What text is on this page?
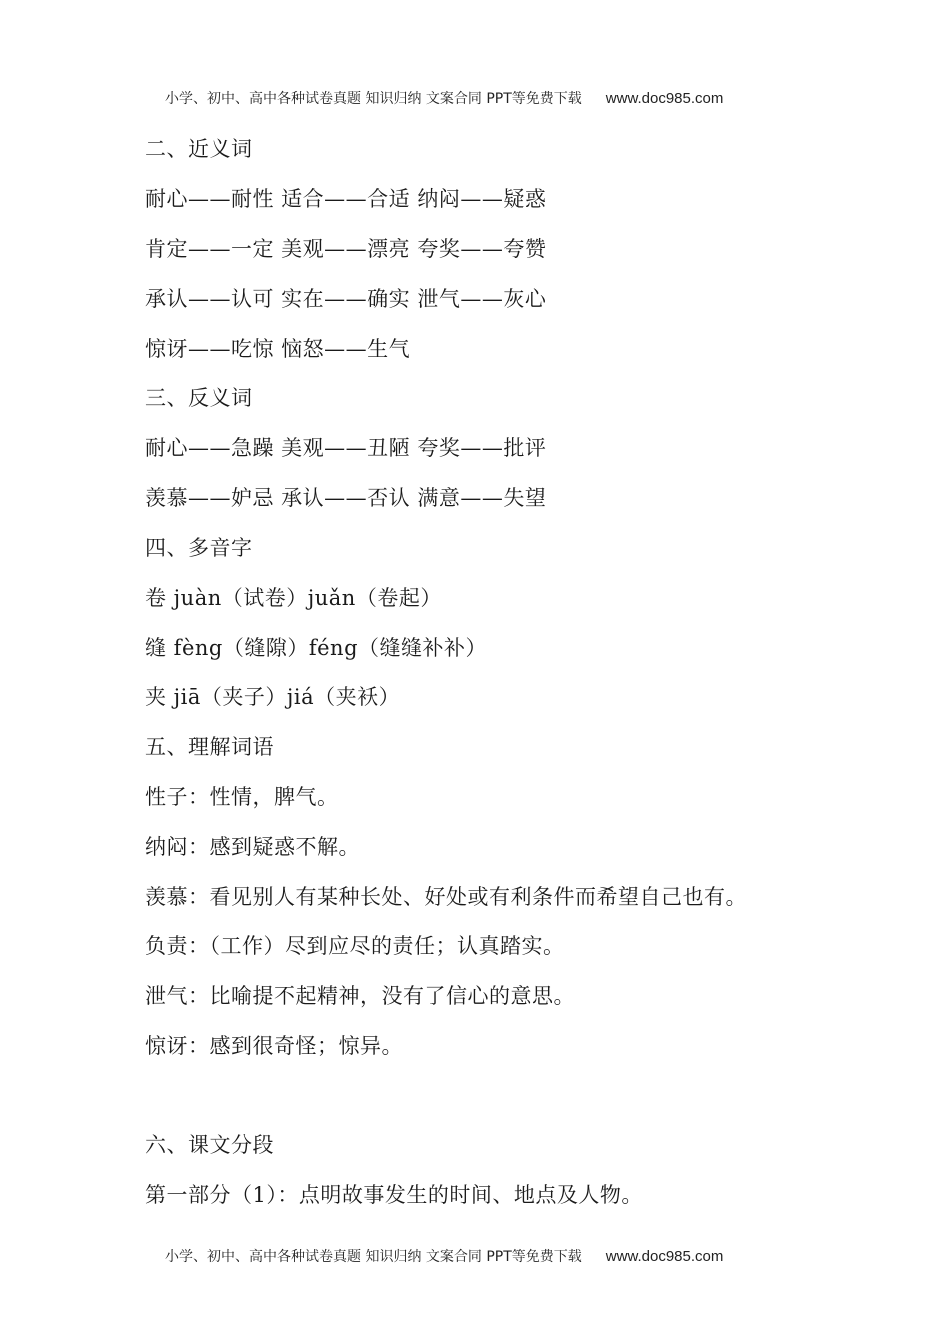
小学、初中、高中各种试卷真题 知识归纳 文案合同 PPT等免费下载 www.doc985.com
二、近义词
耐心——耐性 适合——合适 纳闷——疑惑
肯定——一定 美观——漂亮 夸奖——夸赞
承认——认可 实在——确实 泄气——灰心
惊讶——吃惊 恼怒——生气
三、反义词
耐心——急躁 美观——丑陋 夸奖——批评
羡慕——妒忌 承认——否认 满意——失望
四、多音字
卷 juàn（试卷）juǎn（卷起）
缝 fèng（缝隙）féng（缝缝补补）
夹 jiā（夹子）jiá（夹袄）
五、理解词语
性子：性情，脾气。
纳闷：感到疑惑不解。
羡慕：看见别人有某种长处、好处或有利条件而希望自己也有。
负责：（工作）尽到应尽的责任；认真踏实。
泄气：比喻提不起精神，没有了信心的意思。
惊讶：感到很奇怪；惊异。
六、课文分段
第一部分（1）：点明故事发生的时间、地点及人物。
小学、初中、高中各种试卷真题 知识归纳 文案合同 PPT等免费下载 www.doc985.com
